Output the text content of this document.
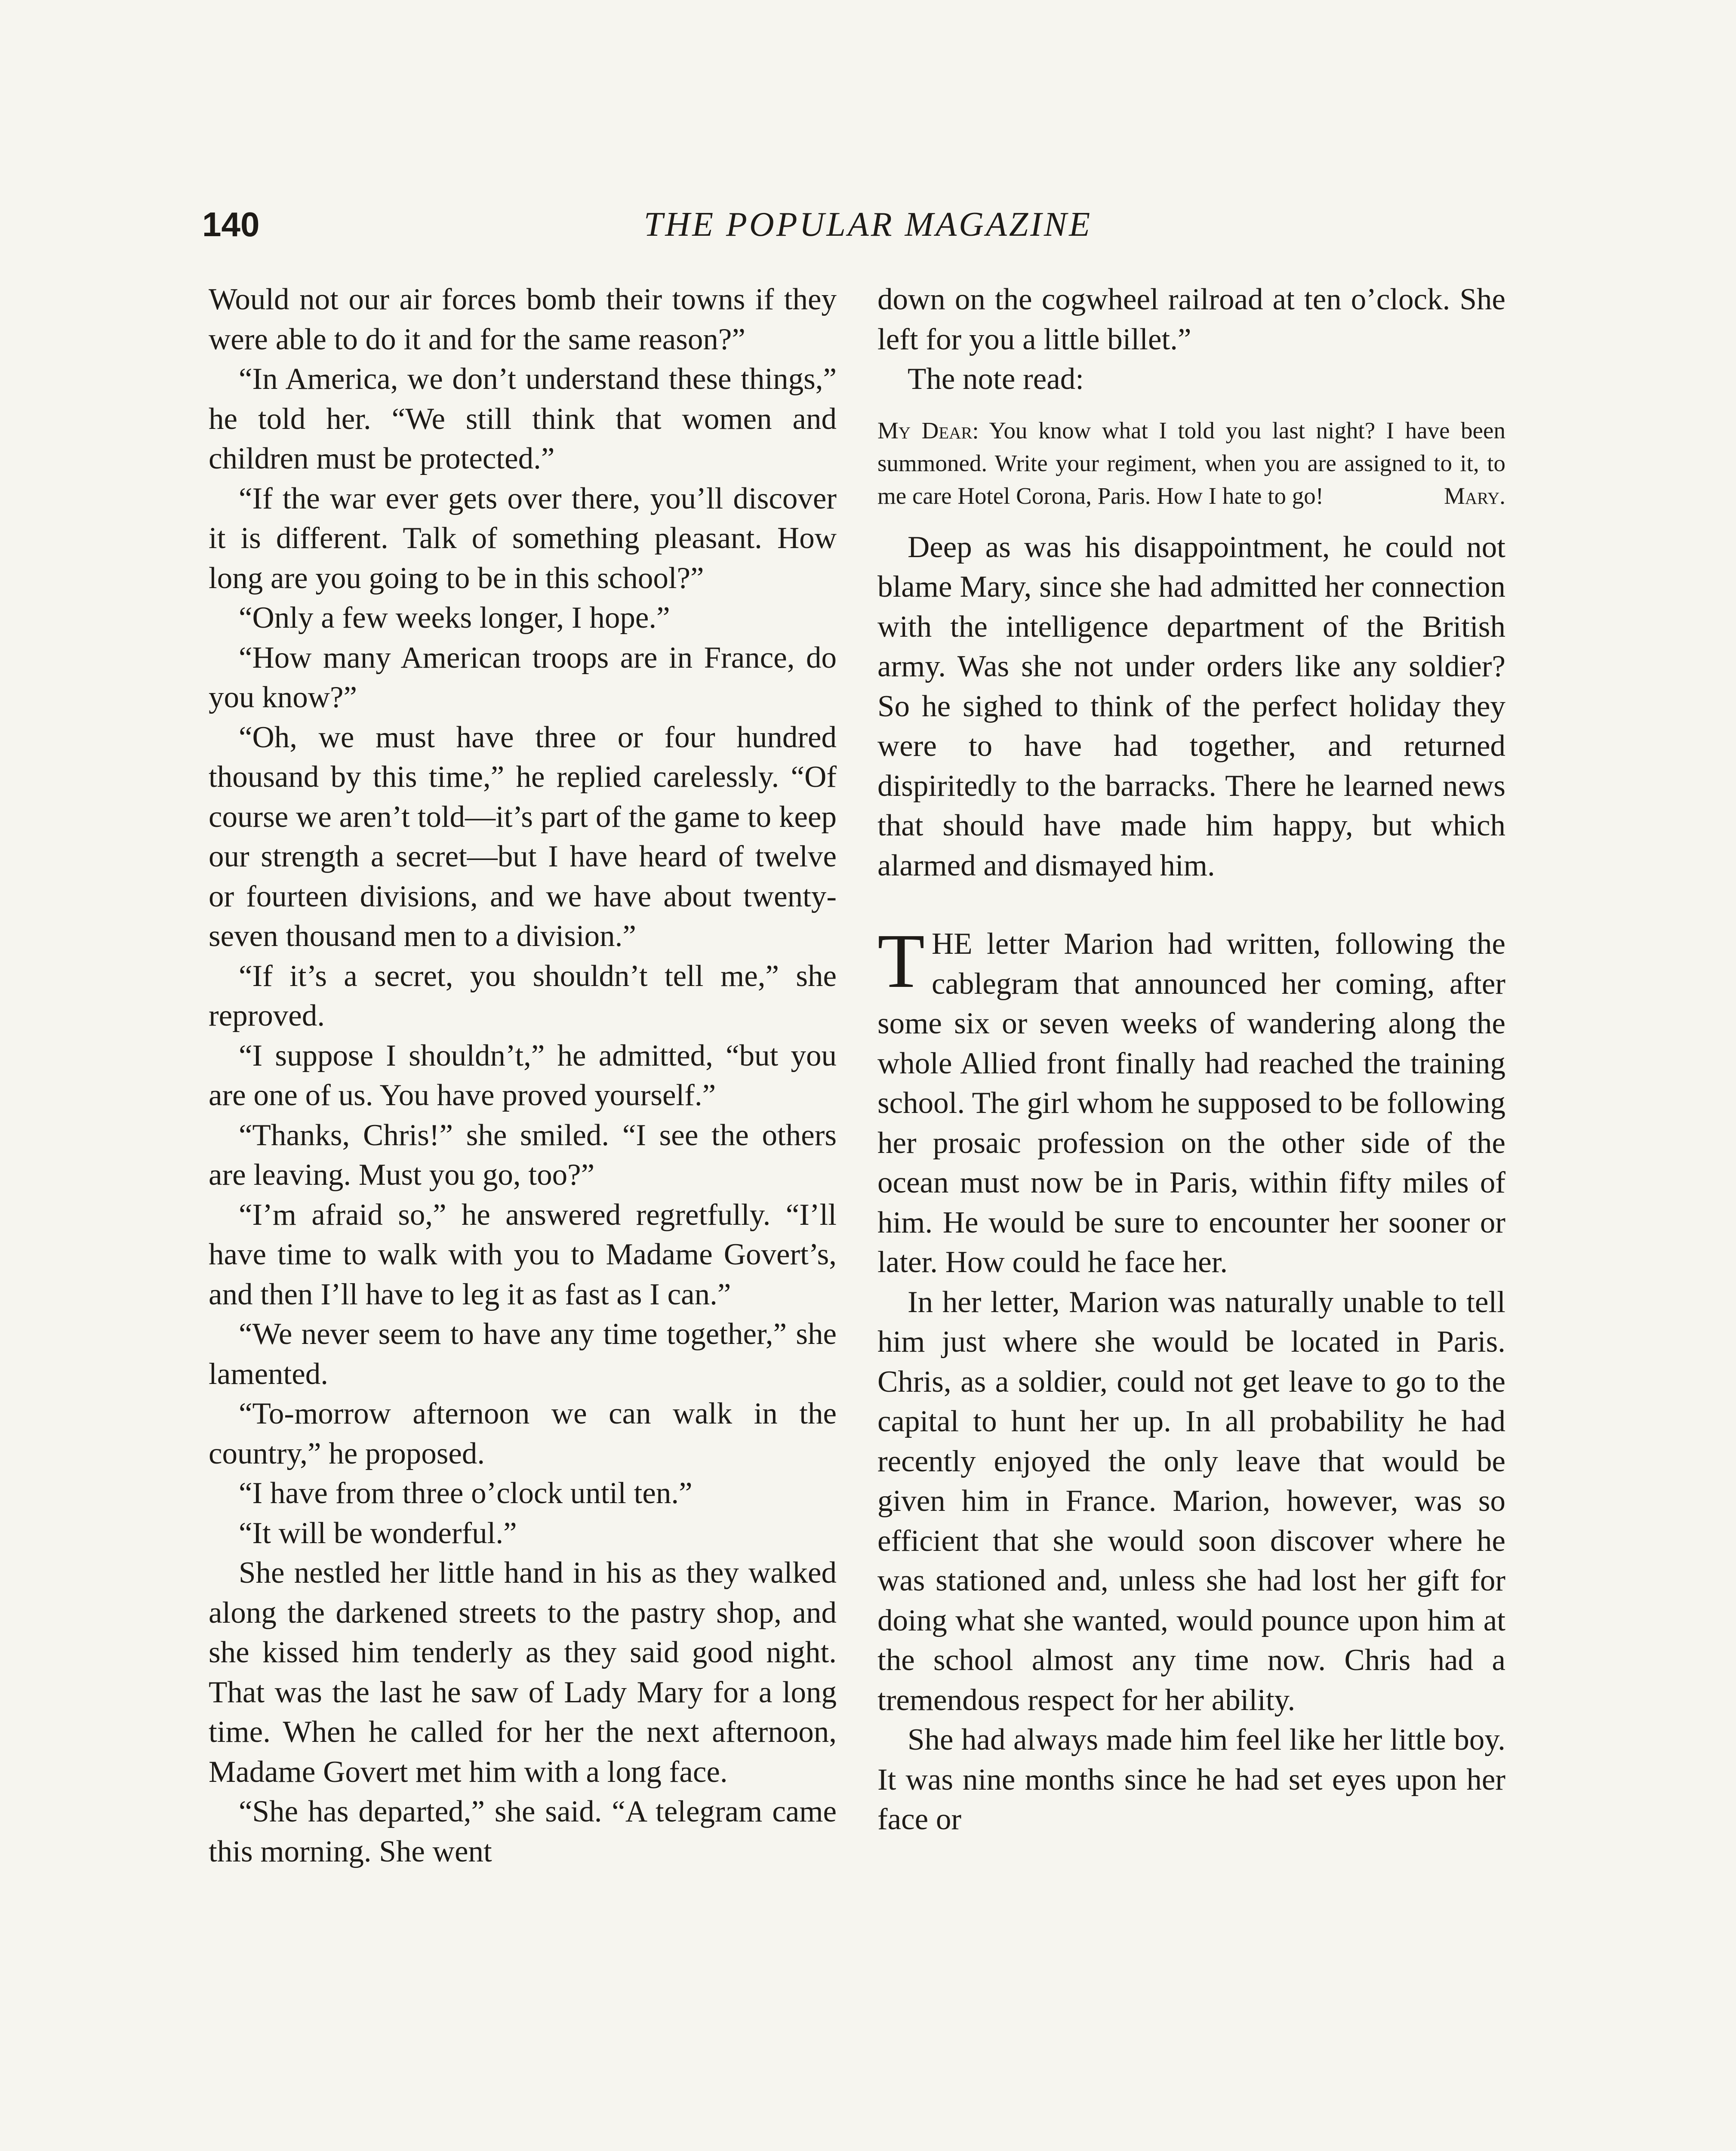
140	THE POPULAR MAGAZINE

Would not our air forces bomb their towns if they were able to do it and for the same reason?”

“In America, we don’t understand these things,” he told her. “We still think that women and children must be protected.”

“If the war ever gets over there, you’ll discover it is different. Talk of something pleasant. How long are you going to be in this school?”

“Only a few weeks longer, I hope.”

“How many American troops are in France, do you know?”

“Oh, we must have three or four hundred thousand by this time,” he replied carelessly. “Of course we aren’t told—it’s part of the game to keep our strength a secret—but I have heard of twelve or fourteen divisions, and we have about twenty-seven thousand men to a division.”

“If it’s a secret, you shouldn’t tell me,” she reproved.

“I suppose I shouldn’t,” he admitted, “but you are one of us. You have proved yourself.”

“Thanks, Chris!” she smiled. “I see the others are leaving. Must you go, too?”

“I’m afraid so,” he answered regretfully. “I’ll have time to walk with you to Madame Govert’s, and then I’ll have to leg it as fast as I can.”

“We never seem to have any time together,” she lamented.

“To-morrow afternoon we can walk in the country,” he proposed.

“I have from three o’clock until ten.”

“It will be wonderful.”

She nestled her little hand in his as they walked along the darkened streets to the pastry shop, and she kissed him tenderly as they said good night. That was the last he saw of Lady Mary for a long time. When he called for her the next afternoon, Madame Govert met him with a long face.

“She has departed,” she said. “A telegram came this morning. She went

down on the cogwheel railroad at ten o’clock. She left for you a little billet.”

The note read:

My Dear: You know what I told you last night? I have been summoned. Write your regiment, when you are assigned to it, to me care Hotel Corona, Paris. How I hate to go!	Mary.

Deep as was his disappointment, he could not blame Mary, since she had admitted her connection with the intelligence department of the British army. Was she not under orders like any soldier? So he sighed to think of the perfect holiday they were to have had together, and returned dispiritedly to the barracks. There he learned news that should have made him happy, but which alarmed and dismayed him.

THE letter Marion had written, following the cablegram that announced her coming, after some six or seven weeks of wandering along the whole Allied front finally had reached the training school. The girl whom he supposed to be following her prosaic profession on the other side of the ocean must now be in Paris, within fifty miles of him. He would be sure to encounter her sooner or later. How could he face her.

In her letter, Marion was naturally unable to tell him just where she would be located in Paris. Chris, as a soldier, could not get leave to go to the capital to hunt her up. In all probability he had recently enjoyed the only leave that would be given him in France. Marion, however, was so efficient that she would soon discover where he was stationed and, unless she had lost her gift for doing what she wanted, would pounce upon him at the school almost any time now. Chris had a tremendous respect for her ability.

She had always made him feel like her little boy. It was nine months since he had set eyes upon her face or
